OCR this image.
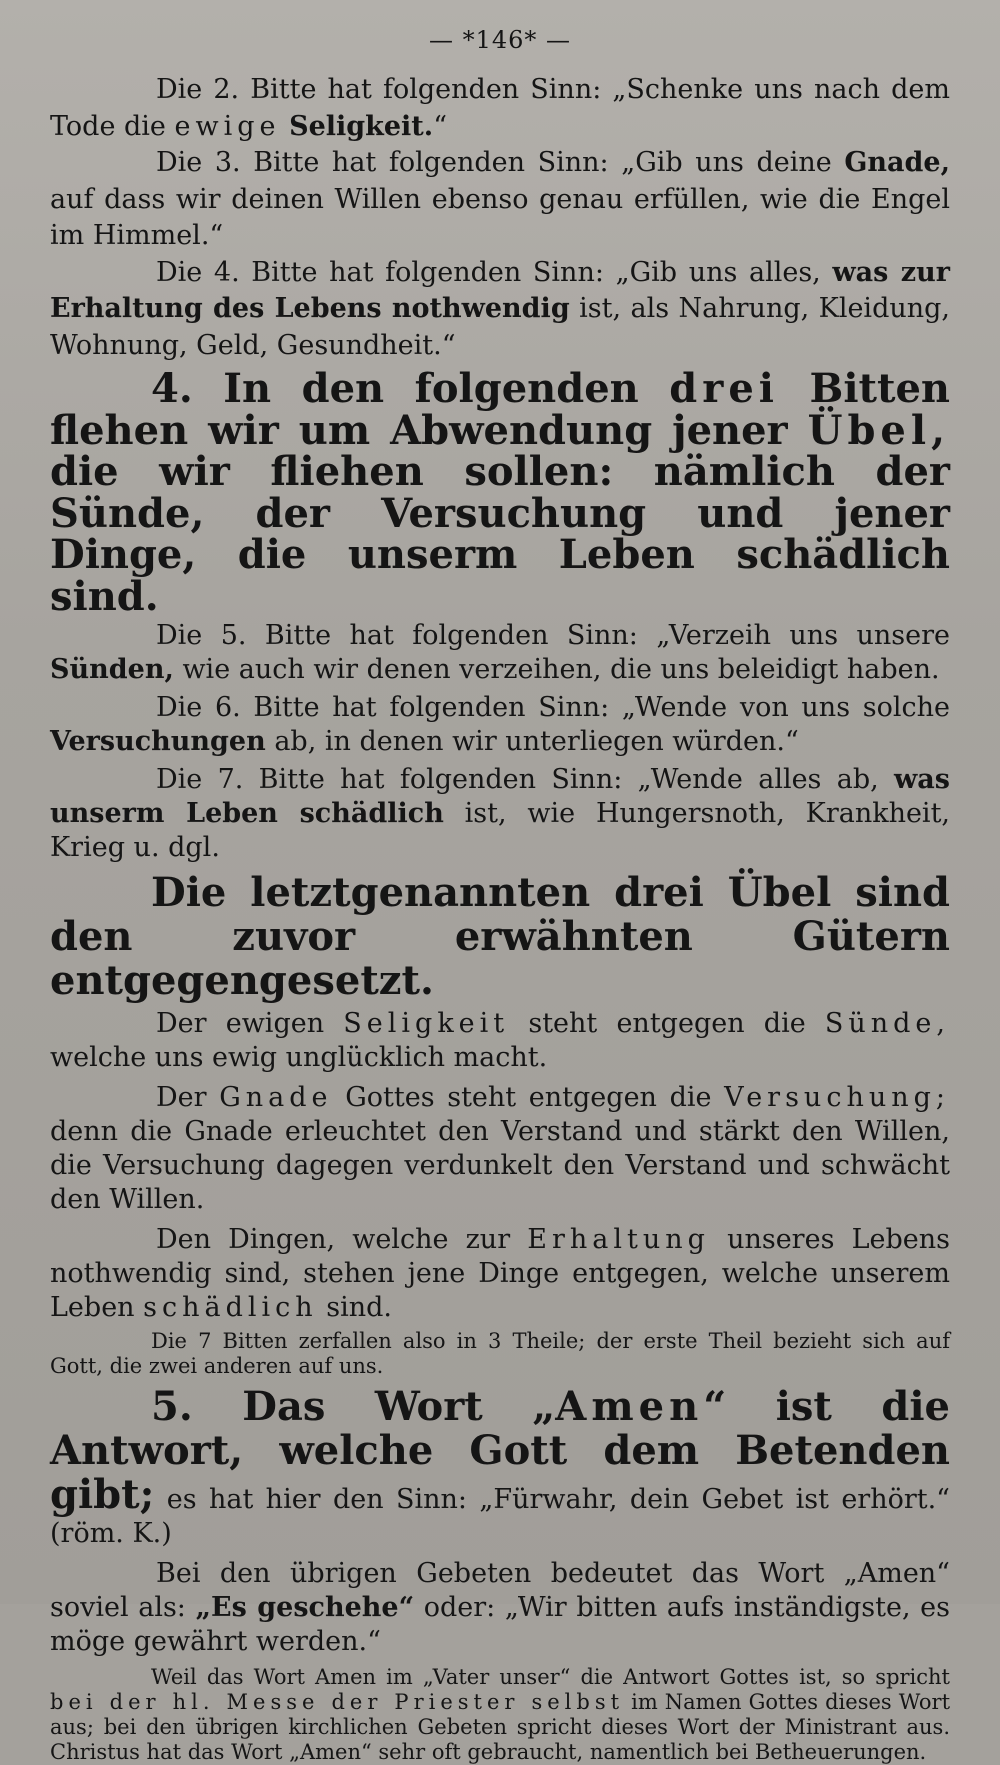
— *146* —

Die 2. Bitte hat folgenden Sinn: „Schenke uns nach dem Tode die ewige Seligkeit.“

Die 3. Bitte hat folgenden Sinn: „Gib uns deine Gnade, auf dass wir deinen Willen ebenso genau erfüllen, wie die Engel im Himmel.“

Die 4. Bitte hat folgenden Sinn: „Gib uns alles, was zur Erhaltung des Lebens nothwendig ist, als Nahrung, Kleidung, Wohnung, Geld, Gesundheit.“

4. In den folgenden drei Bitten flehen wir um Abwendung jener Übel, die wir fliehen sollen: nämlich der Sünde, der Versuchung und jener Dinge, die unserm Leben schädlich sind.

Die 5. Bitte hat folgenden Sinn: „Verzeih uns unsere Sünden, wie auch wir denen verzeihen, die uns beleidigt haben.

Die 6. Bitte hat folgenden Sinn: „Wende von uns solche Versuchungen ab, in denen wir unterliegen würden.“

Die 7. Bitte hat folgenden Sinn: „Wende alles ab, was unserm Leben schädlich ist, wie Hungersnoth, Krankheit, Krieg u. dgl.

Die letztgenannten drei Übel sind den zuvor erwähnten Gütern entgegengesetzt.

Der ewigen Seligkeit steht entgegen die Sünde, welche uns ewig unglücklich macht.

Der Gnade Gottes steht entgegen die Versuchung; denn die Gnade erleuchtet den Verstand und stärkt den Willen, die Versuchung dagegen verdunkelt den Verstand und schwächt den Willen.

Den Dingen, welche zur Erhaltung unseres Lebens nothwendig sind, stehen jene Dinge entgegen, welche unserem Leben schädlich sind.

Die 7 Bitten zerfallen also in 3 Theile; der erste Theil bezieht sich auf Gott, die zwei anderen auf uns.

5. Das Wort „Amen“ ist die Antwort, welche Gott dem Betenden gibt; es hat hier den Sinn: „Fürwahr, dein Gebet ist erhört.“ (röm. K.)

Bei den übrigen Gebeten bedeutet das Wort „Amen“ soviel als: „Es geschehe“ oder: „Wir bitten aufs inständigste, es möge gewährt werden.“

Weil das Wort Amen im „Vater unser“ die Antwort Gottes ist, so spricht bei der hl. Messe der Priester selbst im Namen Gottes dieses Wort aus; bei den übrigen kirchlichen Gebeten spricht dieses Wort der Ministrant aus. Christus hat das Wort „Amen“ sehr oft gebraucht, namentlich bei Betheuerungen.
